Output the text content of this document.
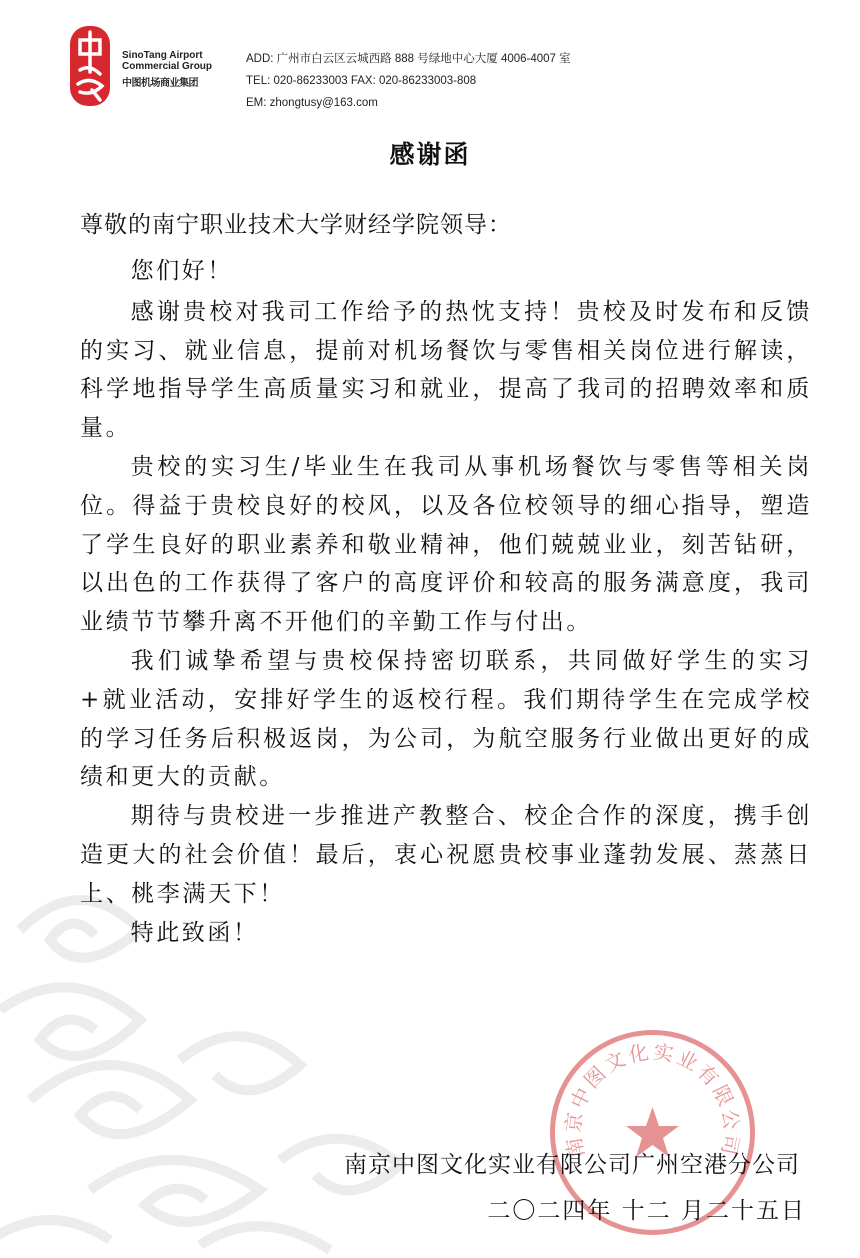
SinoTang Airport Commercial Group
中图机场商业集团
ADD: 广州市白云区云城西路 888 号绿地中心大厦 4006-4007 室
TEL: 020-86233003 FAX: 020-86233003-808
EM: zhongtusy@163.com
感谢函
尊敬的南宁职业技术大学财经学院领导：

您们好！

感谢贵校对我司工作给予的热忱支持！贵校及时发布和反馈的实习、就业信息，提前对机场餐饮与零售相关岗位进行解读，科学地指导学生高质量实习和就业，提高了我司的招聘效率和质量。

贵校的实习生/毕业生在我司从事机场餐饮与零售等相关岗位。得益于贵校良好的校风，以及各位校领导的细心指导，塑造了学生良好的职业素养和敬业精神，他们兢兢业业，刻苦钻研，以出色的工作获得了客户的高度评价和较高的服务满意度，我司业绩节节攀升离不开他们的辛勤工作与付出。

我们诚挚希望与贵校保持密切联系，共同做好学生的实习+就业活动，安排好学生的返校行程。我们期待学生在完成学校的学习任务后积极返岗，为公司，为航空服务行业做出更好的成绩和更大的贡献。

期待与贵校进一步推进产教整合、校企合作的深度，携手创造更大的社会价值！最后，衷心祝愿贵校事业蓬勃发展、蒸蒸日上、桃李满天下！

特此致函！

南京中图文化实业有限公司
南京中图文化实业有限公司广州空港分公司
二〇二四年 十二 月二十五日
